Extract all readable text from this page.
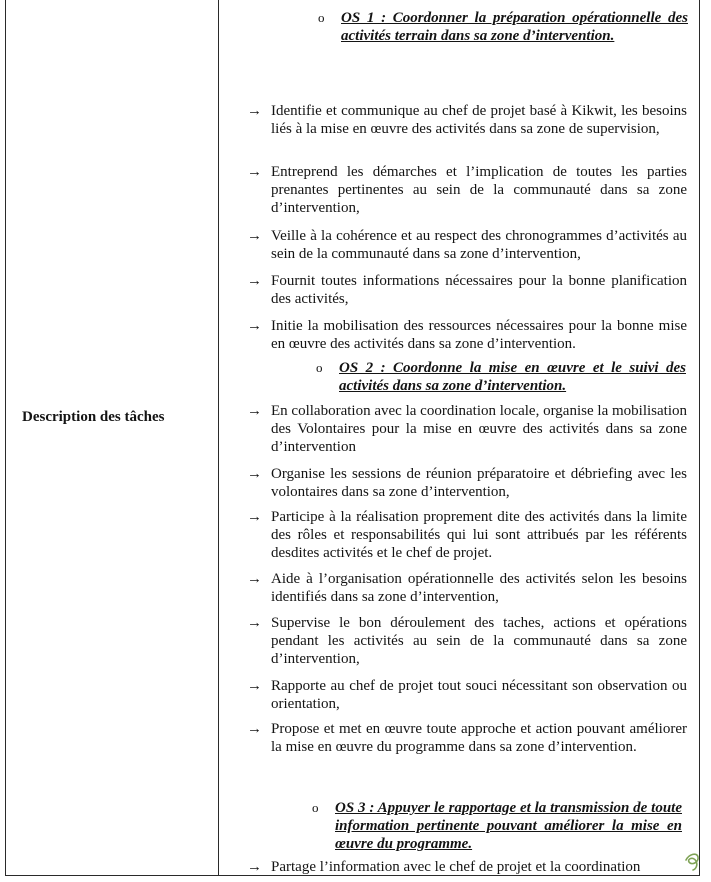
Description des tâches
o OS 1 : Coordonner la préparation opérationnelle des activités terrain dans sa zone d’intervention.
→ Identifie et communique au chef de projet basé à Kikwit, les besoins liés à la mise en œuvre des activités dans sa zone de supervision,
→ Entreprend les démarches et l’implication de toutes les parties prenantes pertinentes au sein de la communauté dans sa zone d’intervention,
→ Veille à la cohérence et au respect des chronogrammes d’activités au sein de la communauté dans sa zone d’intervention,
→ Fournit toutes informations nécessaires pour la bonne planification des activités,
→ Initie la mobilisation des ressources nécessaires pour la bonne mise en œuvre des activités dans sa zone d’intervention.
o OS 2 : Coordonne la mise en œuvre et le suivi des activités dans sa zone d’intervention.
→ En collaboration avec la coordination locale, organise la mobilisation des Volontaires pour la mise en œuvre des activités dans sa zone d’intervention
→ Organise les sessions de réunion préparatoire et débriefing avec les volontaires dans sa zone d’intervention,
→ Participe à la réalisation proprement dite des activités dans la limite des rôles et responsabilités qui lui sont attribués par les référents desdites activités et le chef de projet.
→ Aide à l’organisation opérationnelle des activités selon les besoins identifiés dans sa zone d’intervention,
→ Supervise le bon déroulement des taches, actions et opérations pendant les activités au sein de la communauté dans sa zone d’intervention,
→ Rapporte au chef de projet tout souci nécessitant son observation ou orientation,
→ Propose et met en œuvre toute approche et action pouvant améliorer la mise en œuvre du programme dans sa zone d’intervention.
o OS 3 : Appuyer le rapportage et la transmission de toute information pertinente pouvant améliorer la mise en œuvre du programme.
→ Partage l’information avec le chef de projet et la coordination
